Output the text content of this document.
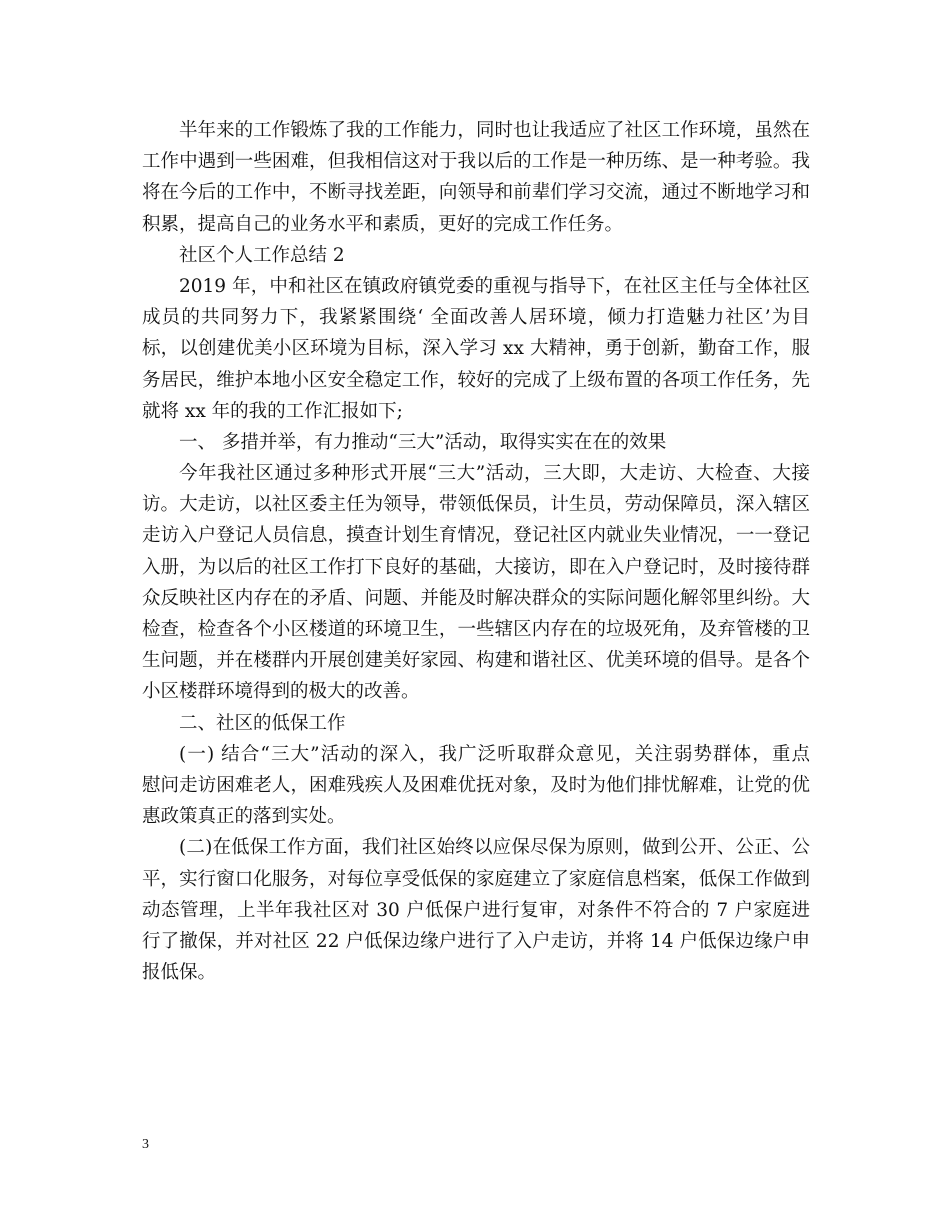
半年来的工作锻炼了我的工作能力，同时也让我适应了社区工作环境，虽然在
工作中遇到一些困难，但我相信这对于我以后的工作是一种历练、是一种考验。我
将在今后的工作中，不断寻找差距，向领导和前辈们学习交流，通过不断地学习和
积累，提高自己的业务水平和素质，更好的完成工作任务。
社区个人工作总结 2
2019 年，中和社区在镇政府镇党委的重视与指导下，在社区主任与全体社区
成员的共同努力下，我紧紧围绕‘ 全面改善人居环境，倾力打造魅力社区’为目
标，以创建优美小区环境为目标，深入学习 xx 大精神，勇于创新，勤奋工作，服
务居民，维护本地小区安全稳定工作，较好的完成了上级布置的各项工作任务，先
就将 xx 年的我的工作汇报如下;
一、 多措并举，有力推动“三大”活动，取得实实在在的效果
今年我社区通过多种形式开展“三大”活动，三大即，大走访、大检查、大接
访。大走访，以社区委主任为领导，带领低保员，计生员，劳动保障员，深入辖区
走访入户登记人员信息，摸查计划生育情况，登记社区内就业失业情况，一一登记
入册，为以后的社区工作打下良好的基础，大接访，即在入户登记时，及时接待群
众反映社区内存在的矛盾、问题、并能及时解决群众的实际问题化解邻里纠纷。大
检查，检查各个小区楼道的环境卫生，一些辖区内存在的垃圾死角，及弃管楼的卫
生问题，并在楼群内开展创建美好家园、构建和谐社区、优美环境的倡导。是各个
小区楼群环境得到的极大的改善。
二、社区的低保工作
(一) 结合“三大”活动的深入，我广泛听取群众意见，关注弱势群体，重点
慰问走访困难老人，困难残疾人及困难优抚对象，及时为他们排忧解难，让党的优
惠政策真正的落到实处。
(二)在低保工作方面，我们社区始终以应保尽保为原则，做到公开、公正、公
平，实行窗口化服务，对每位享受低保的家庭建立了家庭信息档案，低保工作做到
动态管理，上半年我社区对 30 户低保户进行复审，对条件不符合的 7 户家庭进
行了撤保，并对社区 22 户低保边缘户进行了入户走访，并将 14 户低保边缘户申
报低保。
3
